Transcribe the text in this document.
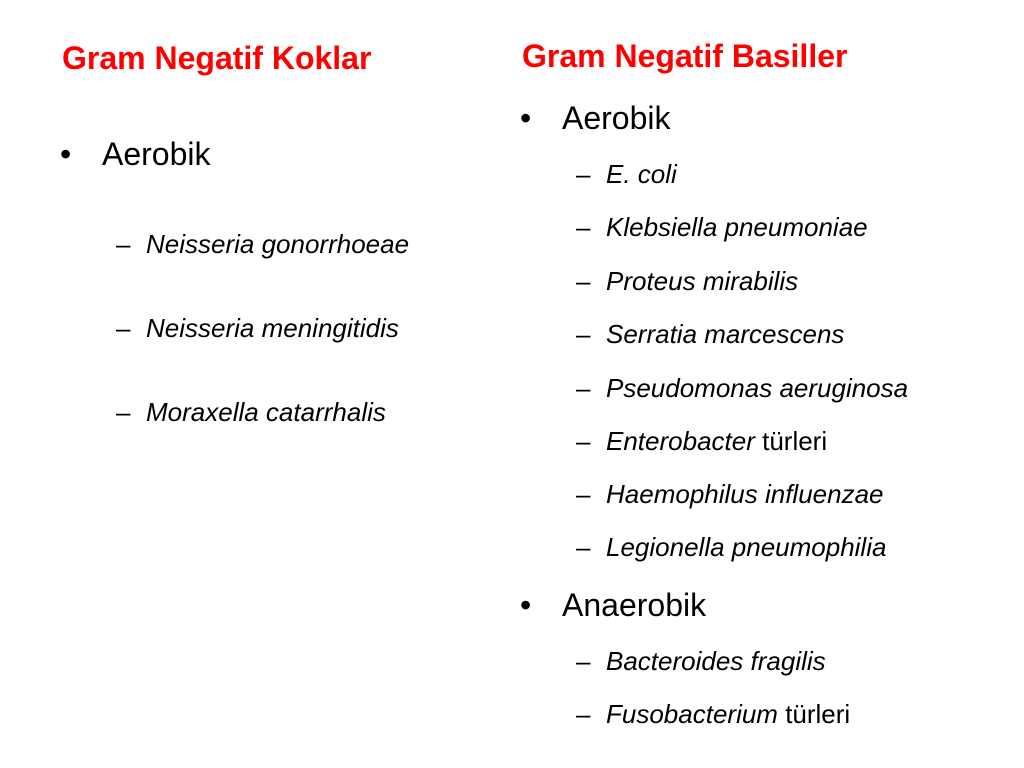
Gram Negatif Koklar
• Aerobik
– Neisseria gonorrhoeae
– Neisseria meningitidis
– Moraxella catarrhalis
Gram Negatif Basiller
• Aerobik
– E. coli
– Klebsiella pneumoniae
– Proteus mirabilis
– Serratia marcescens
– Pseudomonas aeruginosa
– Enterobacter türleri
– Haemophilus influenzae
– Legionella pneumophilia
• Anaerobik
– Bacteroides fragilis
– Fusobacterium türleri
